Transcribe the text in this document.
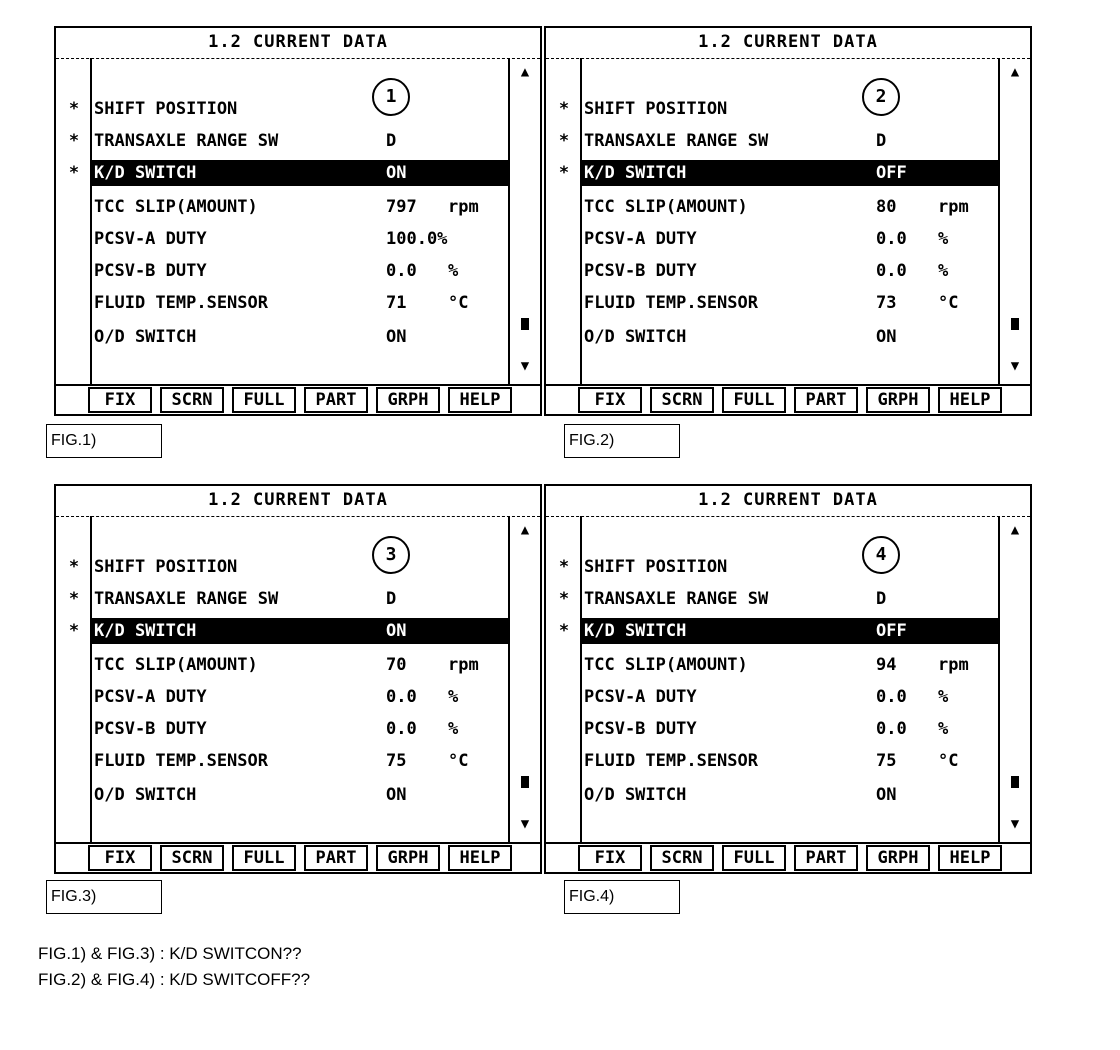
1.2 CURRENT DATA
1
* SHIFT POSITION
* TRANSAXLE RANGE SW	D
* K/D SWITCH	ON
TCC SLIP(AMOUNT)	797 rpm
PCSV-A DUTY	100.0%
PCSV-B DUTY	0.0 %
FLUID TEMP.SENSOR	71 °C
O/D SWITCH	ON
▲
▼
FIX	SCRN	FULL	PART	GRPH	HELP
FIG.1)
1.2 CURRENT DATA
2
* SHIFT POSITION
* TRANSAXLE RANGE SW	D
* K/D SWITCH	OFF
TCC SLIP(AMOUNT)	80 rpm
PCSV-A DUTY	0.0 %
PCSV-B DUTY	0.0 %
FLUID TEMP.SENSOR	73 °C
O/D SWITCH	ON
▲
▼
FIX	SCRN	FULL	PART	GRPH	HELP
FIG.2)
1.2 CURRENT DATA
3
* SHIFT POSITION
* TRANSAXLE RANGE SW	D
* K/D SWITCH	ON
TCC SLIP(AMOUNT)	70 rpm
PCSV-A DUTY	0.0 %
PCSV-B DUTY	0.0 %
FLUID TEMP.SENSOR	75 °C
O/D SWITCH	ON
▲
▼
FIX	SCRN	FULL	PART	GRPH	HELP
FIG.3)
1.2 CURRENT DATA
4
* SHIFT POSITION
* TRANSAXLE RANGE SW	D
* K/D SWITCH	OFF
TCC SLIP(AMOUNT)	94 rpm
PCSV-A DUTY	0.0 %
PCSV-B DUTY	0.0 %
FLUID TEMP.SENSOR	75 °C
O/D SWITCH	ON
▲
▼
FIX	SCRN	FULL	PART	GRPH	HELP
FIG.4)
FIG.1) & FIG.3) : K/D SWITCON??
FIG.2) & FIG.4) : K/D SWITCOFF??
